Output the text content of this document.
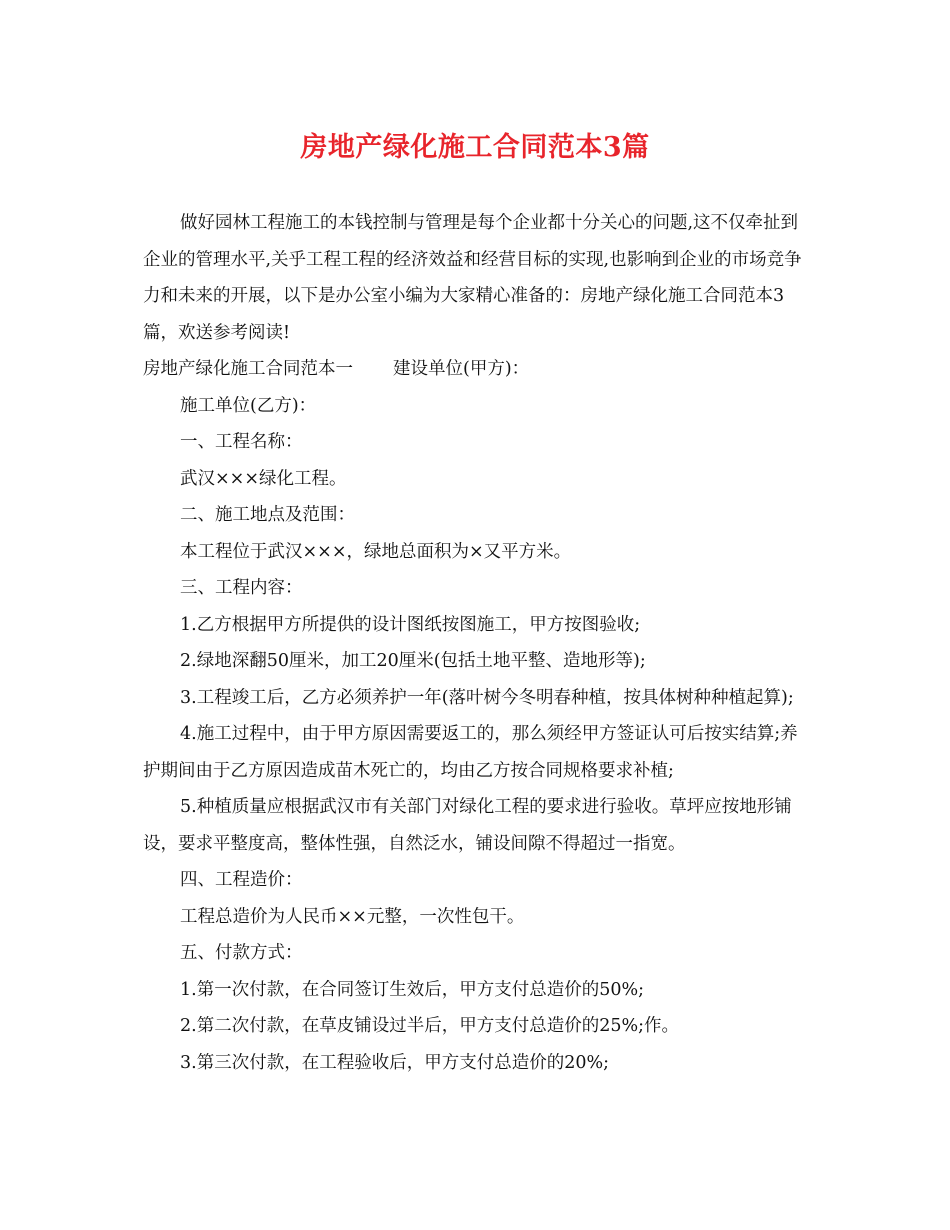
房地产绿化施工合同范本3篇

做好园林工程施工的本钱控制与管理是每个企业都十分关心的问题,这不仅牵扯到企业的管理水平,关乎工程工程的经济效益和经营目标的实现,也影响到企业的市场竞争力和未来的开展，以下是办公室小编为大家精心准备的：房地产绿化施工合同范本3篇，欢送参考阅读!

房地产绿化施工合同范本一 建设单位(甲方)：

施工单位(乙方)：

一、工程名称：

武汉×××绿化工程。

二、施工地点及范围：

本工程位于武汉×××，绿地总面积为×又平方米。

三、工程内容：

1.乙方根据甲方所提供的设计图纸按图施工，甲方按图验收;

2.绿地深翻50厘米，加工20厘米(包括土地平整、造地形等);

3.工程竣工后，乙方必须养护一年(落叶树今冬明春种植，按具体树种种植起算);

4.施工过程中，由于甲方原因需要返工的，那么须经甲方签证认可后按实结算;养护期间由于乙方原因造成苗木死亡的，均由乙方按合同规格要求补植;

5.种植质量应根据武汉市有关部门对绿化工程的要求进行验收。草坪应按地形铺设，要求平整度高，整体性强，自然泛水，铺设间隙不得超过一指宽。

四、工程造价：

工程总造价为人民币××元整，一次性包干。

五、付款方式：

1.第一次付款，在合同签订生效后，甲方支付总造价的50%;

2.第二次付款，在草皮铺设过半后，甲方支付总造价的25%;作。

3.第三次付款，在工程验收后，甲方支付总造价的20%;
